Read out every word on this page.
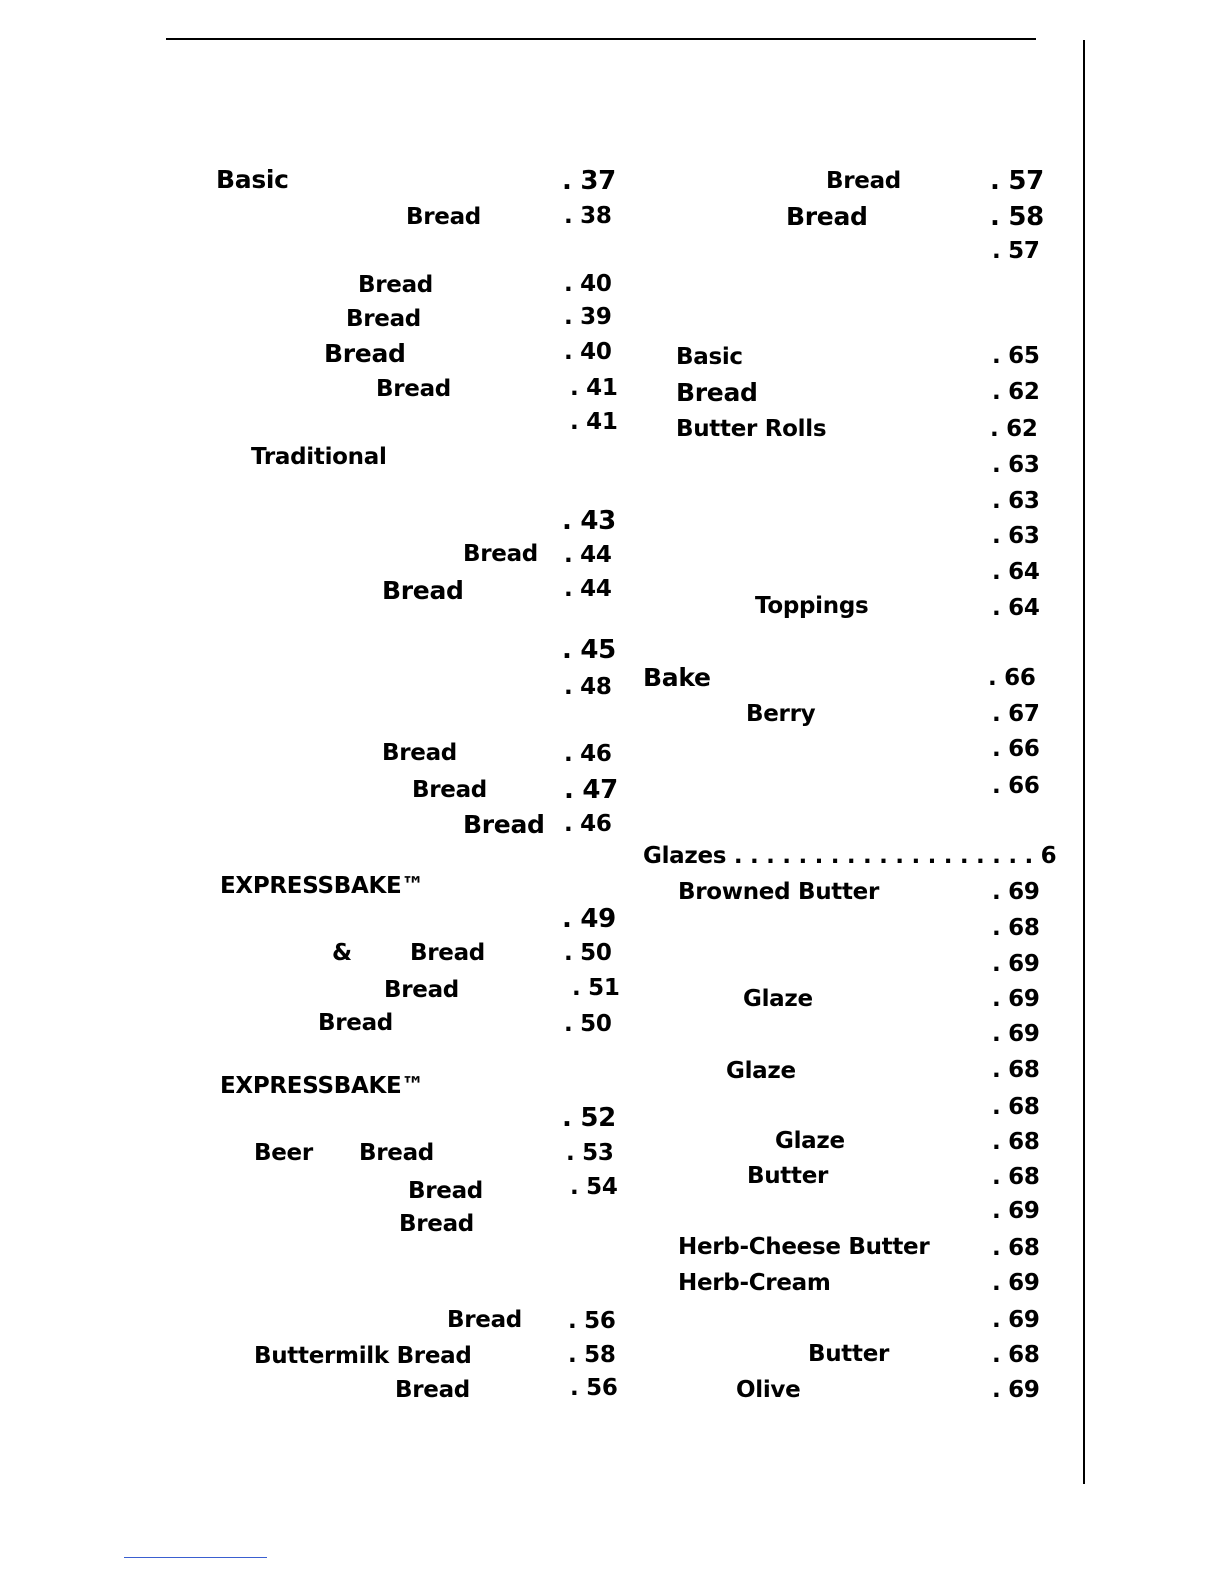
Basic
Bread
Bread
Bread
Bread
Bread
Traditional
Bread
Bread
Bread
Bread
Bread
EXPRESSBAKE™
&	Bread
Bread
Bread
EXPRESSBAKE™
Beer Bread
Bread
Bread
Bread
Buttermilk Bread
Bread
. 37
. 38
. 40
. 39
. 40
. 41
. 41
. 43
. 44
. 44
. 45
. 48
. 46
. 47
. 46
. 49
. 50
. 51
. 50
. 52
. 53
. 54
. 56
. 58
. 56
Bread
Bread
Basic
Bread
Butter Rolls
Toppings
Bake
Berry
Glazes . . . . . . . . . . . . . . . . . . . 6
Browned Butter
Glaze
Glaze
Glaze
Butter
Herb-Cheese Butter
Herb-Cream
Butter
Olive
. 57
. 58
. 57
. 65
. 62
. 62
. 63
. 63
. 63
. 64
. 64
. 66
. 67
. 66
. 66
. 69
. 68
. 69
. 69
. 69
. 68
. 68
. 68
. 68
. 69
. 68
. 69
. 69
. 68
. 69
